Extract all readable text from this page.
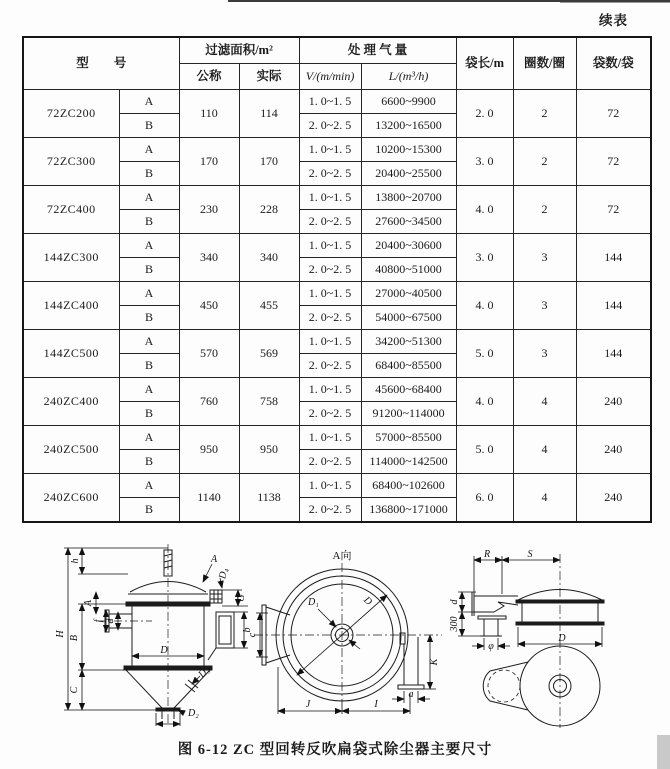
续表
型　　号		过滤面积/m²		处 理 气 量		袋长/m	圈数/圈	袋数/袋
		公称	实际	V/(m/min)	L/(m³/h)			
72ZC200	A	110	114	1. 0~1. 5	6600~9900	2. 0	2	72
	B			2. 0~2. 5	13200~16500			
72ZC300	A	170	170	1. 0~1. 5	10200~15300	3. 0	2	72
	B			2. 0~2. 5	20400~25500			
72ZC400	A	230	228	1. 0~1. 5	13800~20700	4. 0	2	72
	B			2. 0~2. 5	27600~34500			
144ZC300	A	340	340	1. 0~1. 5	20400~30600	3. 0	3	144
	B			2. 0~2. 5	40800~51000			
144ZC400	A	450	455	1. 0~1. 5	27000~40500	4. 0	3	144
	B			2. 0~2. 5	54000~67500			
144ZC500	A	570	569	1. 0~1. 5	34200~51300	5. 0	3	144
	B			2. 0~2. 5	68400~85500			
240ZC400	A	760	758	1. 0~1. 5	45600~68400	4. 0	4	240
	B			2. 0~2. 5	91200~114000			
240ZC500	A	950	950	1. 0~1. 5	57000~85500	5. 0	4	240
	B			2. 0~2. 5	114000~142500			
240ZC600	A	1140	1138	1. 0~1. 5	68400~102600	6. 0	4	240
	B			2. 0~2. 5	136800~171000			
h
H
B
C
A
f d
D
A
D₄
G
b
D₃
D₂
A向
D₁	D
c
K
a
J	I
R	S
d
300
φ
D
图 6-12 ZC 型回转反吹扁袋式除尘器主要尺寸
